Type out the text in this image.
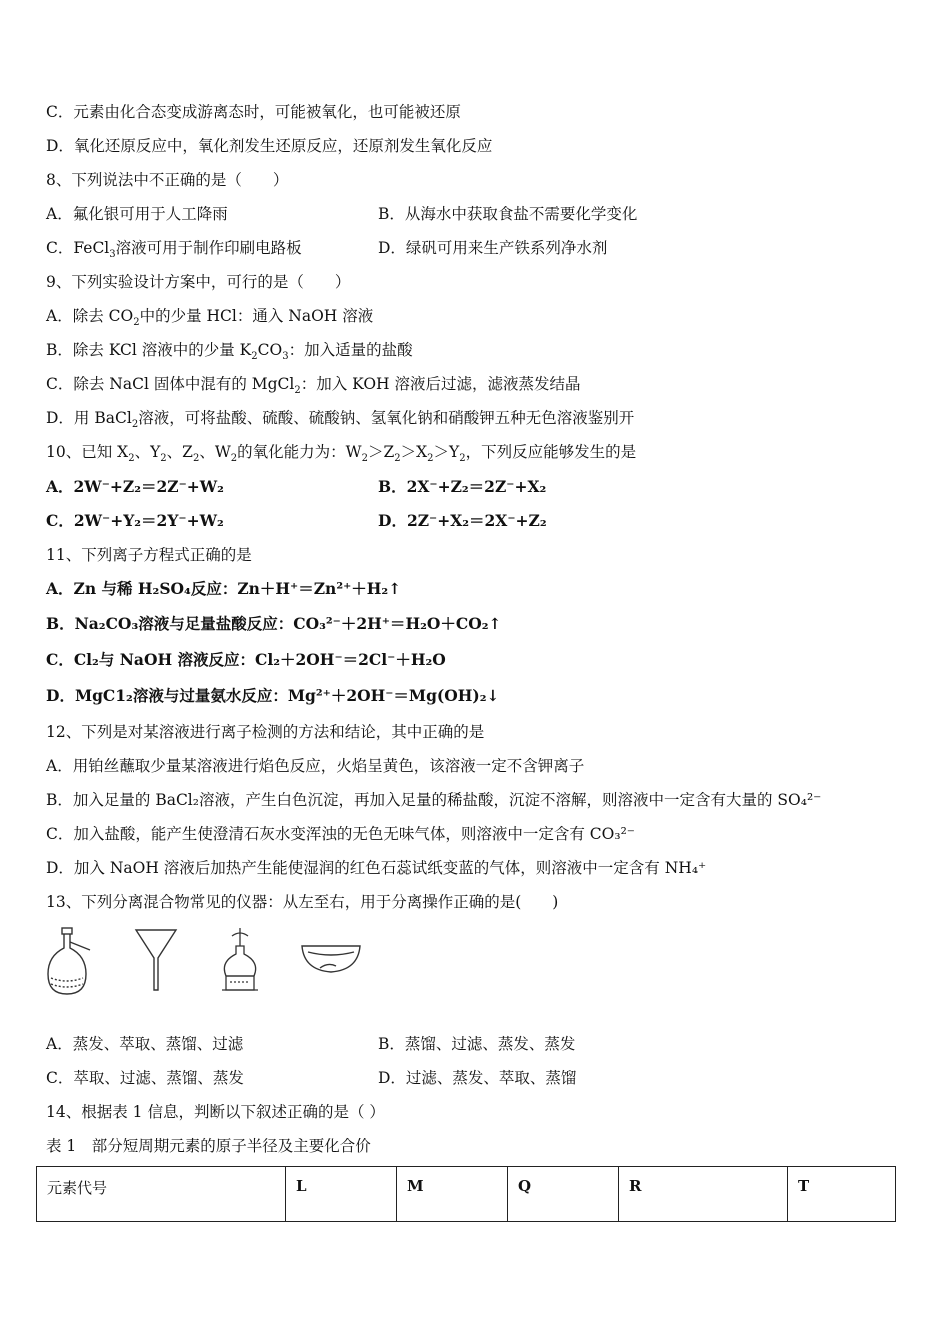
C．元素由化合态变成游离态时，可能被氧化，也可能被还原
D．氧化还原反应中，氧化剂发生还原反应，还原剂发生氧化反应
8、下列说法中不正确的是（　　）
A．氟化银可用于人工降雨	B．从海水中获取食盐不需要化学变化
C．FeCl$_3$溶液可用于制作印刷电路板	D．绿矾可用来生产铁系列净水剂
9、下列实验设计方案中，可行的是（　　）
A．除去 $CO_2$中的少量 HCl：通入 NaOH 溶液
B．除去 KCl 溶液中的少量 $K_2CO_3$：加入适量的盐酸
C．除去 NaCl 固体中混有的 MgCl$_2$：加入 KOH 溶液后过滤，滤液蒸发结晶
D．用 BaCl$_2$溶液，可将盐酸、硫酸、硫酸钠、氢氧化钠和硝酸钾五种无色溶液鉴别开
10、已知 $X_2$、$Y_2$、$Z_2$、$W_2$的氧化能力为：$W_2>Z_2>X_2>Y_2$，下列反应能够发生的是
A．2W⁻+Z₂＝2Z⁻+W₂	B．2X⁻+Z₂＝2Z⁻+X₂
C．2W⁻+Y₂＝2Y⁻+W₂	D．2Z⁻+X₂＝2X⁻+Z₂
11、下列离子方程式正确的是
A．Zn 与稀 H₂SO₄反应：Zn＋H⁺＝Zn²⁺＋H₂↑
B．Na₂CO₃溶液与足量盐酸反应：CO₃²⁻＋2H⁺＝H₂O＋CO₂↑
C．Cl₂与 NaOH 溶液反应：Cl₂＋2OH⁻＝2Cl⁻＋H₂O
D．MgC1₂溶液与过量氨水反应：Mg²⁺＋2OH⁻＝Mg(OH)₂↓
12、下列是对某溶液进行离子检测的方法和结论，其中正确的是
A．用铂丝蘸取少量某溶液进行焰色反应，火焰呈黄色，该溶液一定不含钾离子
B．加入足量的 BaCl₂溶液，产生白色沉淀，再加入足量的稀盐酸，沉淀不溶解，则溶液中一定含有大量的 SO₄²⁻
C．加入盐酸，能产生使澄清石灰水变浑浊的无色无味气体，则溶液中一定含有 CO₃²⁻
D．加入 NaOH 溶液后加热产生能使湿润的红色石蕊试纸变蓝的气体，则溶液中一定含有 NH₄⁺
13、下列分离混合物常见的仪器：从左至右，用于分离操作正确的是(　　)
A．蒸发、萃取、蒸馏、过滤	B．蒸馏、过滤、蒸发、蒸发
C．萃取、过滤、蒸馏、蒸发	D．过滤、蒸发、萃取、蒸馏
14、根据表 1 信息，判断以下叙述正确的是（ ）
表 1　部分短周期元素的原子半径及主要化合价
元素代号	L	M	Q	R	T
